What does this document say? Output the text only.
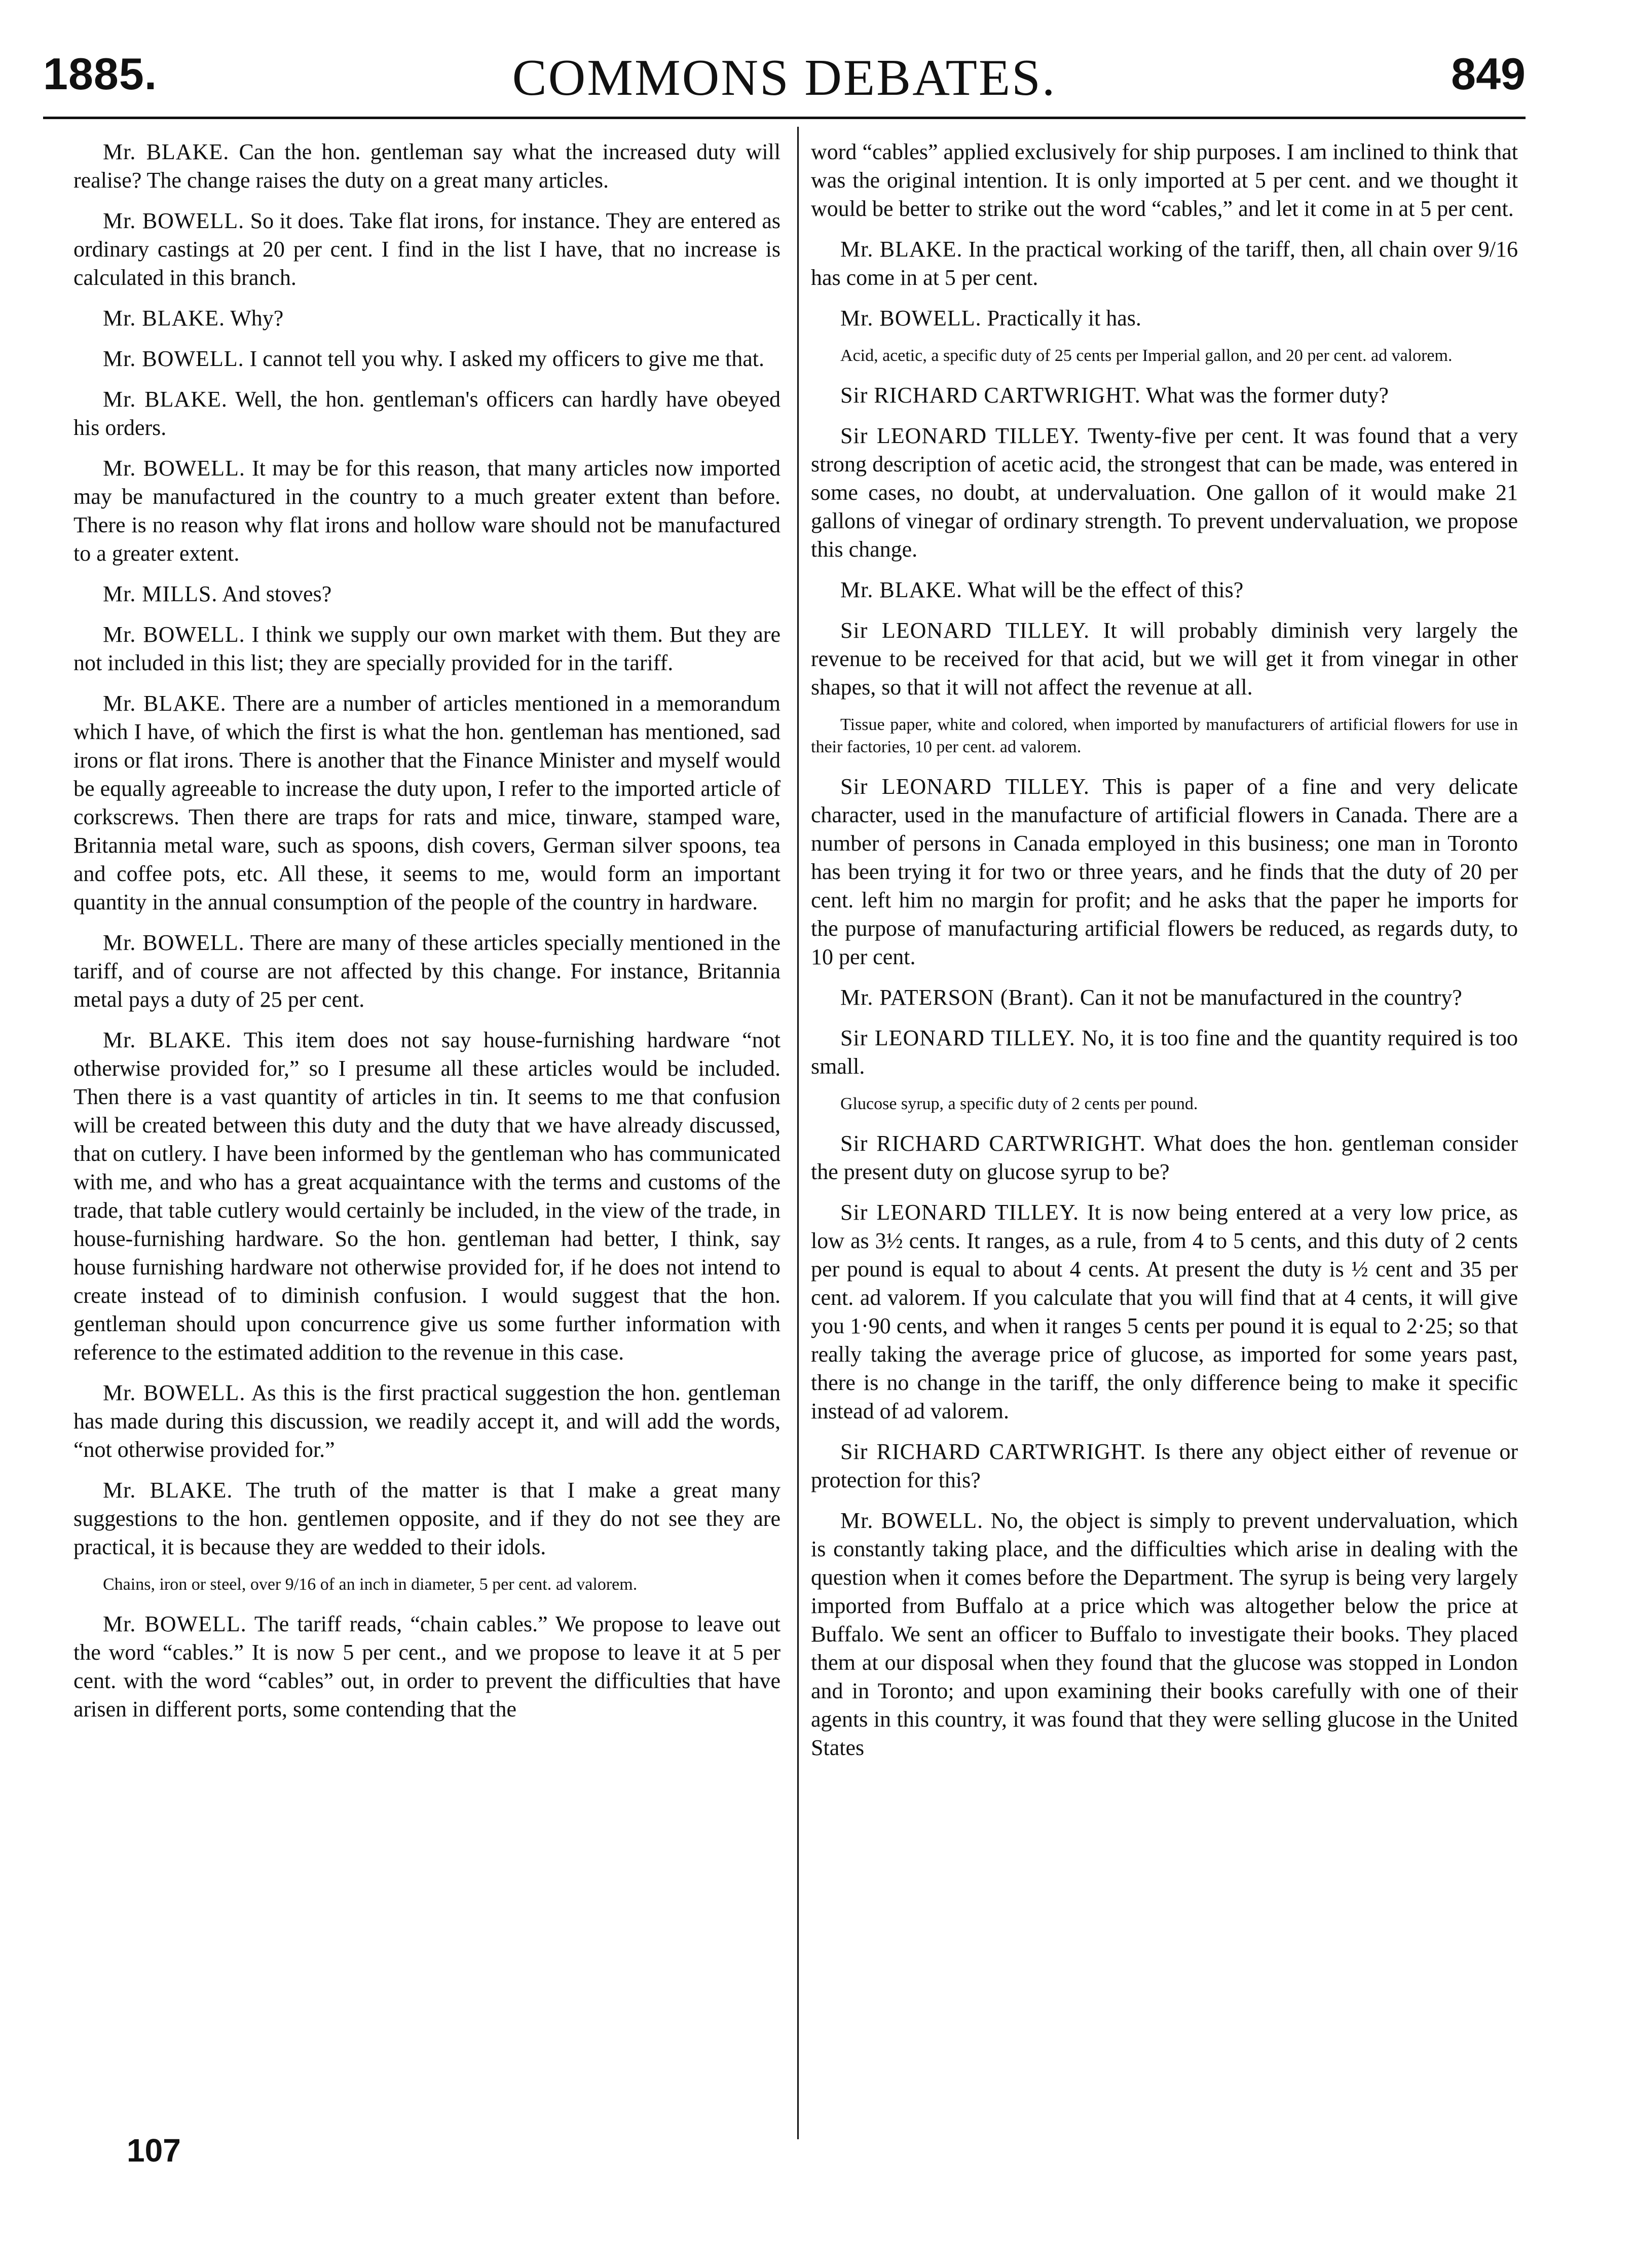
1885.	COMMONS DEBATES.	849

Mr. BLAKE. Can the hon. gentleman say what the increased duty will realise? The change raises the duty on a great many articles.

Mr. BOWELL. So it does. Take flat irons, for instance. They are entered as ordinary castings at 20 per cent. I find in the list I have, that no increase is calculated in this branch.

Mr. BLAKE. Why?

Mr. BOWELL. I cannot tell you why. I asked my officers to give me that.

Mr. BLAKE. Well, the hon. gentleman's officers can hardly have obeyed his orders.

Mr. BOWELL. It may be for this reason, that many articles now imported may be manufactured in the country to a much greater extent than before. There is no reason why flat irons and hollow ware should not be manufactured to a greater extent.

Mr. MILLS. And stoves?

Mr. BOWELL. I think we supply our own market with them. But they are not included in this list; they are specially provided for in the tariff.

Mr. BLAKE. There are a number of articles mentioned in a memorandum which I have, of which the first is what the hon. gentleman has mentioned, sad irons or flat irons. There is another that the Finance Minister and myself would be equally agreeable to increase the duty upon, I refer to the imported article of corkscrews. Then there are traps for rats and mice, tinware, stamped ware, Britannia metal ware, such as spoons, dish covers, German silver spoons, tea and coffee pots, etc. All these, it seems to me, would form an important quantity in the annual consumption of the people of the country in hardware.

Mr. BOWELL. There are many of these articles specially mentioned in the tariff, and of course are not affected by this change. For instance, Britannia metal pays a duty of 25 per cent.

Mr. BLAKE. This item does not say house-furnishing hardware “not otherwise provided for,” so I presume all these articles would be included. Then there is a vast quantity of articles in tin. It seems to me that confusion will be created between this duty and the duty that we have already discussed, that on cutlery. I have been informed by the gentleman who has communicated with me, and who has a great acquaintance with the terms and customs of the trade, that table cutlery would certainly be included, in the view of the trade, in house-furnishing hardware. So the hon. gentleman had better, I think, say house furnishing hardware not otherwise provided for, if he does not intend to create instead of to diminish confusion. I would suggest that the hon. gentleman should upon concurrence give us some further information with reference to the estimated addition to the revenue in this case.

Mr. BOWELL. As this is the first practical suggestion the hon. gentleman has made during this discussion, we readily accept it, and will add the words, “not otherwise provided for.”

Mr. BLAKE. The truth of the matter is that I make a great many suggestions to the hon. gentlemen opposite, and if they do not see they are practical, it is because they are wedded to their idols.

Chains, iron or steel, over 9/16 of an inch in diameter, 5 per cent. ad valorem.

Mr. BOWELL. The tariff reads, “chain cables.” We propose to leave out the word “cables.” It is now 5 per cent., and we propose to leave it at 5 per cent. with the word “cables” out, in order to prevent the difficulties that have arisen in different ports, some contending that the

word “cables” applied exclusively for ship purposes. I am inclined to think that was the original intention. It is only imported at 5 per cent. and we thought it would be better to strike out the word “cables,” and let it come in at 5 per cent.

Mr. BLAKE. In the practical working of the tariff, then, all chain over 9/16 has come in at 5 per cent.

Mr. BOWELL. Practically it has.

Acid, acetic, a specific duty of 25 cents per Imperial gallon, and 20 per cent. ad valorem.

Sir RICHARD CARTWRIGHT. What was the former duty?

Sir LEONARD TILLEY. Twenty-five per cent. It was found that a very strong description of acetic acid, the strongest that can be made, was entered in some cases, no doubt, at undervaluation. One gallon of it would make 21 gallons of vinegar of ordinary strength. To prevent undervaluation, we propose this change.

Mr. BLAKE. What will be the effect of this?

Sir LEONARD TILLEY. It will probably diminish very largely the revenue to be received for that acid, but we will get it from vinegar in other shapes, so that it will not affect the revenue at all.

Tissue paper, white and colored, when imported by manufacturers of artificial flowers for use in their factories, 10 per cent. ad valorem.

Sir LEONARD TILLEY. This is paper of a fine and very delicate character, used in the manufacture of artificial flowers in Canada. There are a number of persons in Canada employed in this business; one man in Toronto has been trying it for two or three years, and he finds that the duty of 20 per cent. left him no margin for profit; and he asks that the paper he imports for the purpose of manufacturing artificial flowers be reduced, as regards duty, to 10 per cent.

Mr. PATERSON (Brant). Can it not be manufactured in the country?

Sir LEONARD TILLEY. No, it is too fine and the quantity required is too small.

Glucose syrup, a specific duty of 2 cents per pound.

Sir RICHARD CARTWRIGHT. What does the hon. gentleman consider the present duty on glucose syrup to be?

Sir LEONARD TILLEY. It is now being entered at a very low price, as low as 3½ cents. It ranges, as a rule, from 4 to 5 cents, and this duty of 2 cents per pound is equal to about 4 cents. At present the duty is ½ cent and 35 per cent. ad valorem. If you calculate that you will find that at 4 cents, it will give you 1·90 cents, and when it ranges 5 cents per pound it is equal to 2·25; so that really taking the average price of glucose, as imported for some years past, there is no change in the tariff, the only difference being to make it specific instead of ad valorem.

Sir RICHARD CARTWRIGHT. Is there any object either of revenue or protection for this?

Mr. BOWELL. No, the object is simply to prevent undervaluation, which is constantly taking place, and the difficulties which arise in dealing with the question when it comes before the Department. The syrup is being very largely imported from Buffalo at a price which was altogether below the price at Buffalo. We sent an officer to Buffalo to investigate their books. They placed them at our disposal when they found that the glucose was stopped in London and in Toronto; and upon examining their books carefully with one of their agents in this country, it was found that they were selling glucose in the United States

107
